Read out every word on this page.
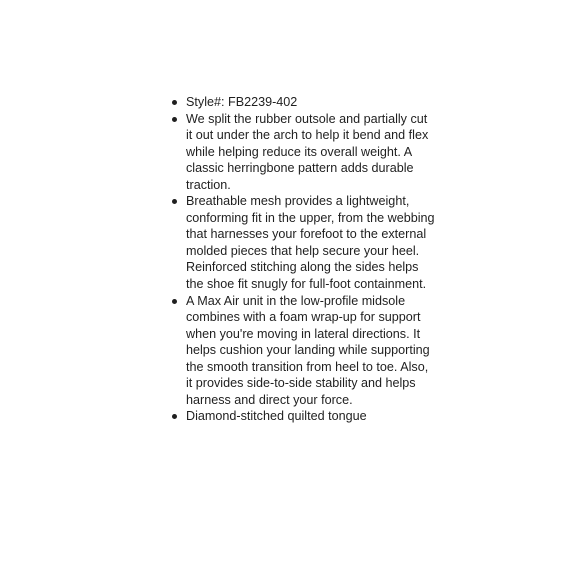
Style#: FB2239-402
We split the rubber outsole and partially cut it out under the arch to help it bend and flex while helping reduce its overall weight. A classic herringbone pattern adds durable traction.
Breathable mesh provides a lightweight, conforming fit in the upper, from the webbing that harnesses your forefoot to the external molded pieces that help secure your heel. Reinforced stitching along the sides helps the shoe fit snugly for full-foot containment.
A Max Air unit in the low-profile midsole combines with a foam wrap-up for support when you're moving in lateral directions. It helps cushion your landing while supporting the smooth transition from heel to toe. Also, it provides side-to-side stability and helps harness and direct your force.
Diamond-stitched quilted tongue
